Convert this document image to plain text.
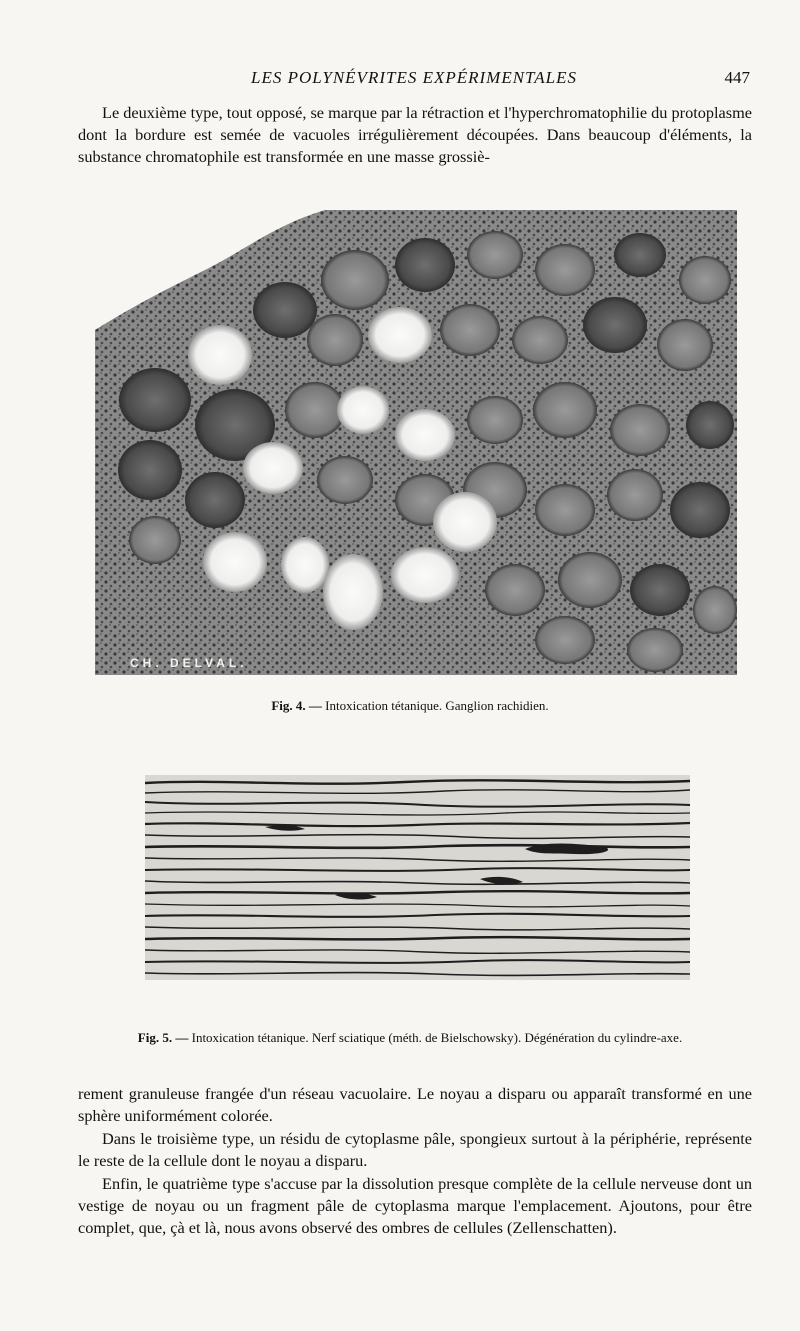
LES POLYNÉVRITES EXPÉRIMENTALES	447

Le deuxième type, tout opposé, se marque par la rétraction et l'hyperchromatophilie du protoplasme dont la bordure est semée de vacuoles irrégulièrement découpées. Dans beaucoup d'éléments, la substance chromatophile est transformée en une masse grossiè-

CH. DELVAL.
Fig. 4. — Intoxication tétanique. Ganglion rachidien.
Fig. 5. — Intoxication tétanique. Nerf sciatique (méth. de Bielschowsky). Dégénération du cylindre-axe.

rement granuleuse frangée d'un réseau vacuolaire. Le noyau a disparu ou apparaît transformé en une sphère uniformément colorée.

Dans le troisième type, un résidu de cytoplasme pâle, spongieux surtout à la périphérie, représente le reste de la cellule dont le noyau a disparu.

Enfin, le quatrième type s'accuse par la dissolution presque complète de la cellule nerveuse dont un vestige de noyau ou un fragment pâle de cytoplasma marque l'emplacement. Ajoutons, pour être complet, que, çà et là, nous avons observé des ombres de cellules (Zellenschatten).
